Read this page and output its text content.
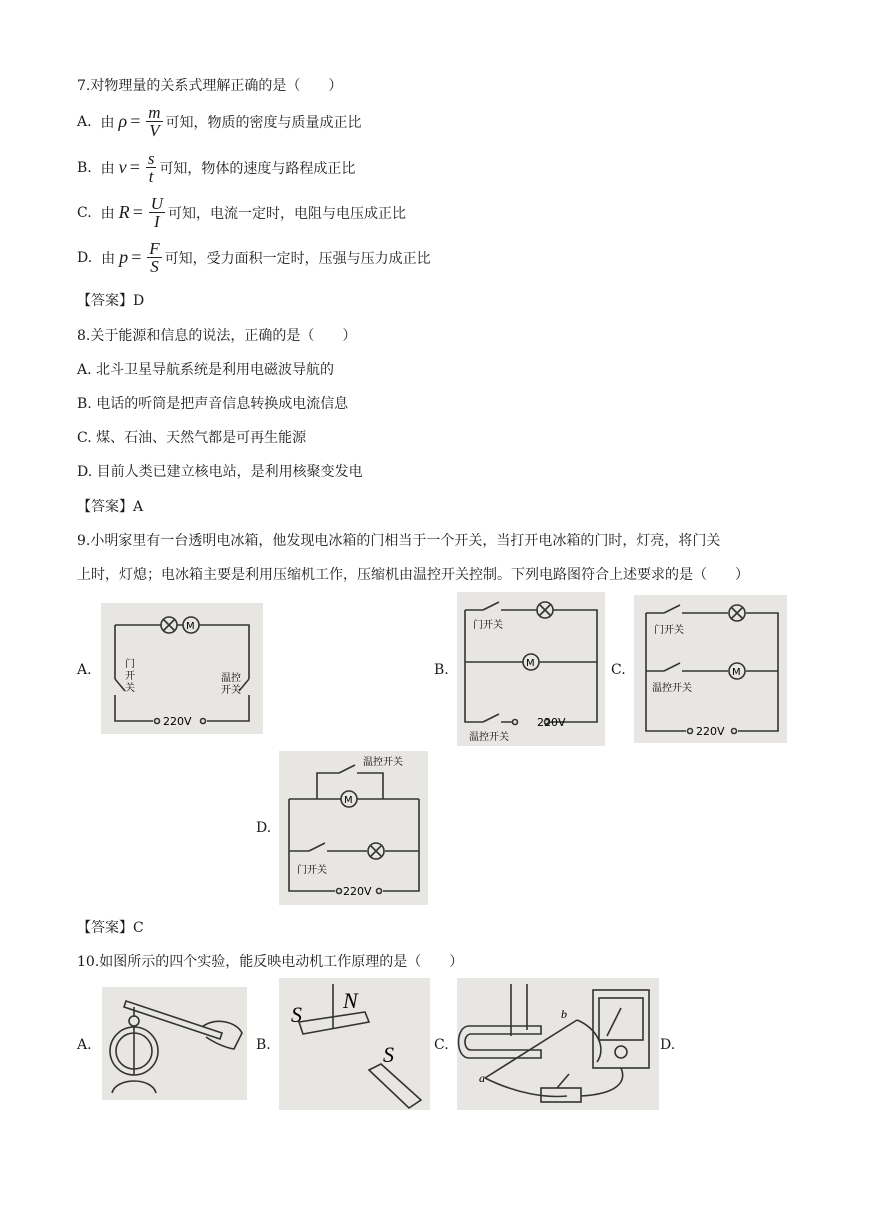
7.对物理量的关系式理解正确的是（　　）
A.
由 $\rho = \frac{m}{V}$ 可知，物质的密度与质量成正比
B.
由 $v = \frac{s}{t}$ 可知，物体的速度与路程成正比
C.
由 $R = \frac{U}{I}$ 可知，电流一定时，电阻与电压成正比
D.
由 $p = \frac{F}{S}$ 可知，受力面积一定时，压强与压力成正比
【答案】D
8.关于能源和信息的说法，正确的是（　　）
A. 北斗卫星导航系统是利用电磁波导航的
B. 电话的听筒是把声音信息转换成电流信息
C. 煤、石油、天然气都是可再生能源
D. 目前人类已建立核电站，是利用核聚变发电
【答案】A
9.小明家里有一台透明电冰箱，他发现电冰箱的门相当于一个开关，当打开电冰箱的门时，灯亮，将门关
上时，灯熄；电冰箱主要是利用压缩机工作，压缩机由温控开关控制。下列电路图符合上述要求的是（　　）
A.
M
门
开
关
温控
开关
220V
B.	M
门开关
温控开关
220V
C.	M
门开关
温控开关
220V
D.
M
温控开关
门开关
220V
【答案】C
10.如图所示的四个实验，能反映电动机工作原理的是（　　）
A.	B.
S
N
S	C.
a
b
D.
